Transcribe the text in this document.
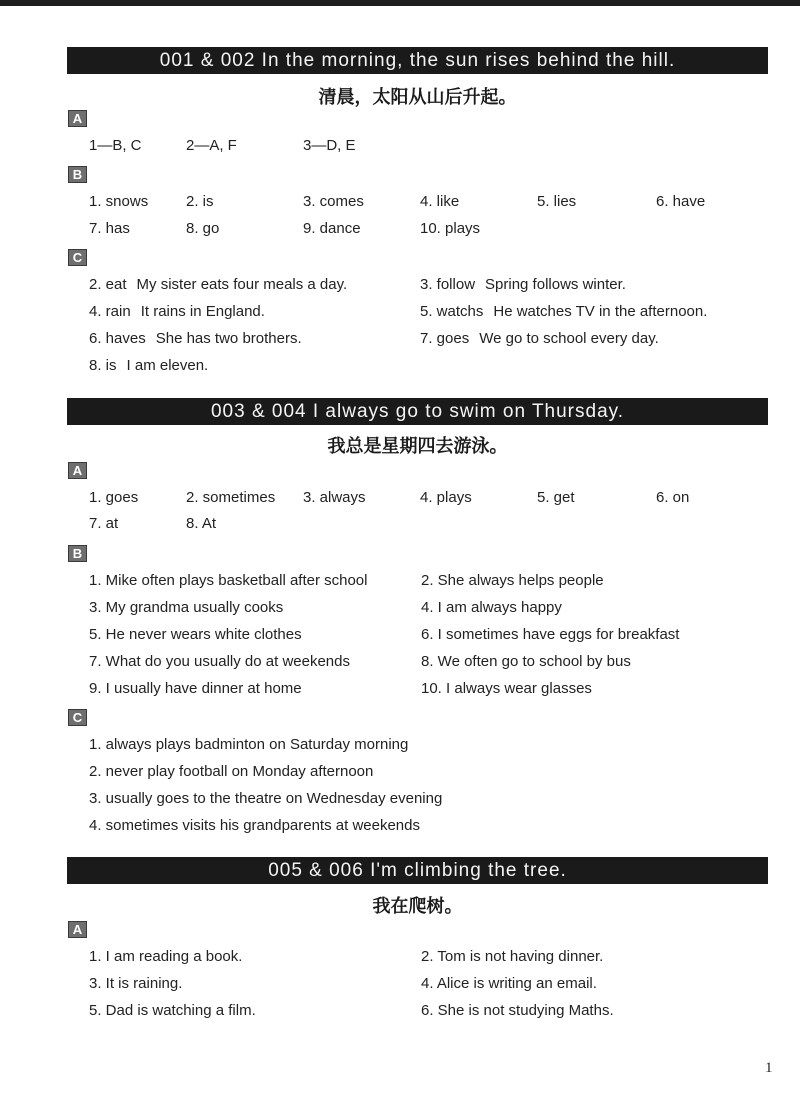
001 & 002 In the morning, the sun rises behind the hill.
清晨，太阳从山后升起。
A
1—B, C	2—A, F	3—D, E
B
1. snows	2. is	3. comes	4. like	5. lies	6. have
7. has	8. go	9. dance	10. plays
C
2. eat My sister eats four meals a day.	3. follow Spring follows winter.
4. rain It rains in England.	5. watchs He watches TV in the afternoon.
6. haves She has two brothers.	7. goes We go to school every day.
8. is I am eleven.
003 & 004 I always go to swim on Thursday.
我总是星期四去游泳。
A
1. goes	2. sometimes 3. always	4. plays	5. get	6. on
7. at	8. At
B
1. Mike often plays basketball after school	2. She always helps people
3. My grandma usually cooks	4. I am always happy
5. He never wears white clothes	6. I sometimes have eggs for breakfast
7. What do you usually do at weekends	8. We often go to school by bus
9. I usually have dinner at home	10. I always wear glasses
C
1. always plays badminton on Saturday morning
2. never play football on Monday afternoon
3. usually goes to the theatre on Wednesday evening
4. sometimes visits his grandparents at weekends
005 & 006 I'm climbing the tree.
我在爬树。
A
1. I am reading a book.	2. Tom is not having dinner.
3. It is raining.	4. Alice is writing an email.
5. Dad is watching a film.	6. She is not studying Maths.
1
